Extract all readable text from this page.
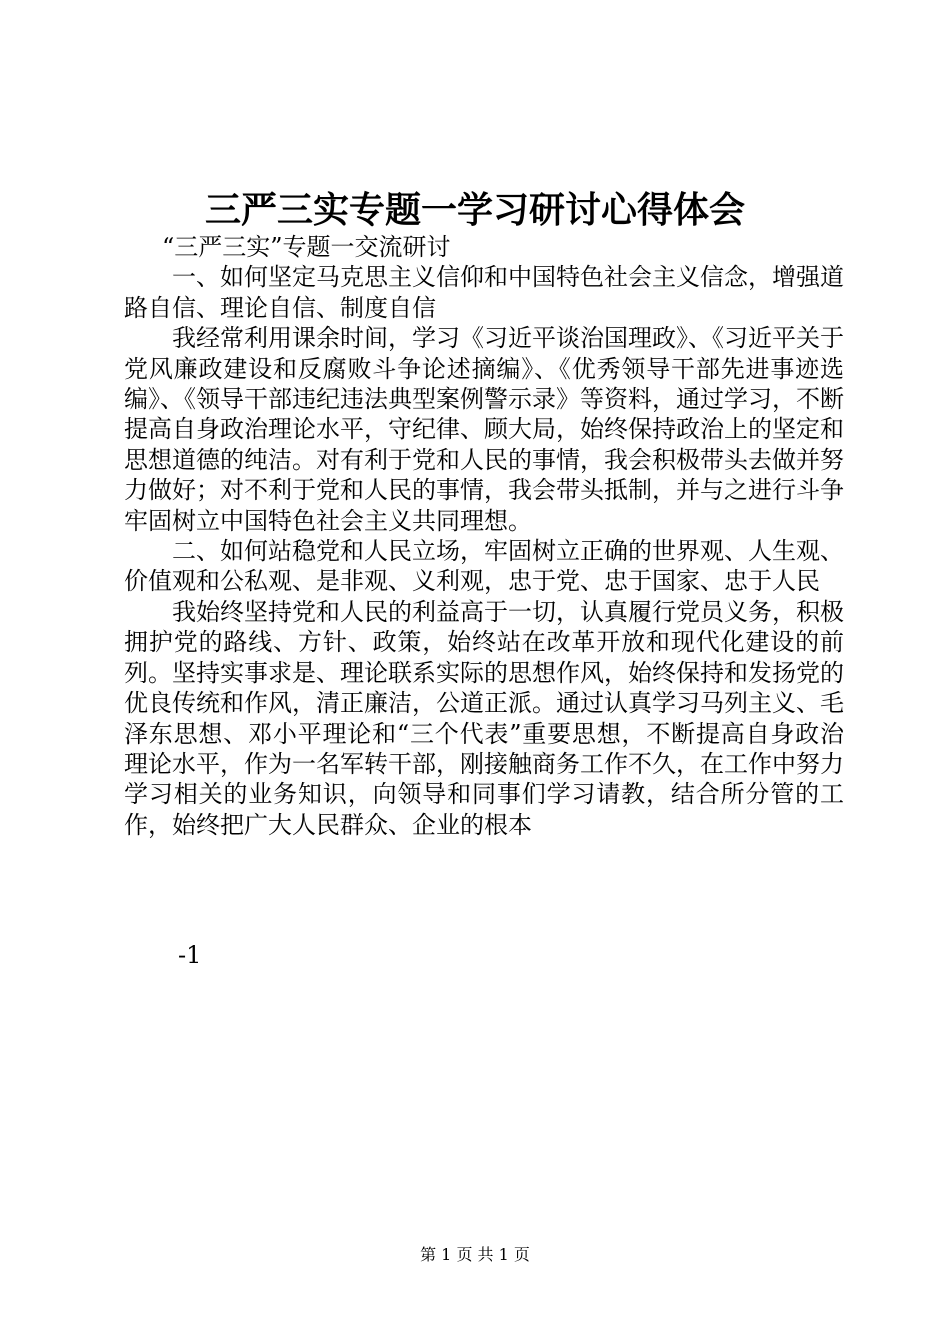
三严三实专题一学习研讨心得体会

“三严三实”专题一交流研讨

一、如何坚定马克思主义信仰和中国特色社会主义信念，增强道路自信、理论自信、制度自信

我经常利用课余时间，学习《习近平谈治国理政》、《习近平关于党风廉政建设和反腐败斗争论述摘编》、《优秀领导干部先进事迹选编》、《领导干部违纪违法典型案例警示录》等资料，通过学习，不断提高自身政治理论水平，守纪律、顾大局，始终保持政治上的坚定和思想道德的纯洁。对有利于党和人民的事情，我会积极带头去做并努力做好；对不利于党和人民的事情，我会带头抵制，并与之进行斗争牢固树立中国特色社会主义共同理想。

二、如何站稳党和人民立场，牢固树立正确的世界观、人生观、价值观和公私观、是非观、义利观，忠于党、忠于国家、忠于人民

我始终坚持党和人民的利益高于一切，认真履行党员义务，积极拥护党的路线、方针、政策，始终站在改革开放和现代化建设的前列。坚持实事求是、理论联系实际的思想作风，始终保持和发扬党的优良传统和作风，清正廉洁，公道正派。通过认真学习马列主义、毛泽东思想、邓小平理论和“三个代表”重要思想，不断提高自身政治理论水平，作为一名军转干部，刚接触商务工作不久，在工作中努力学习相关的业务知识，向领导和同事们学习请教，结合所分管的工作，始终把广大人民群众、企业的根本

-1
第 1 页 共 1 页
